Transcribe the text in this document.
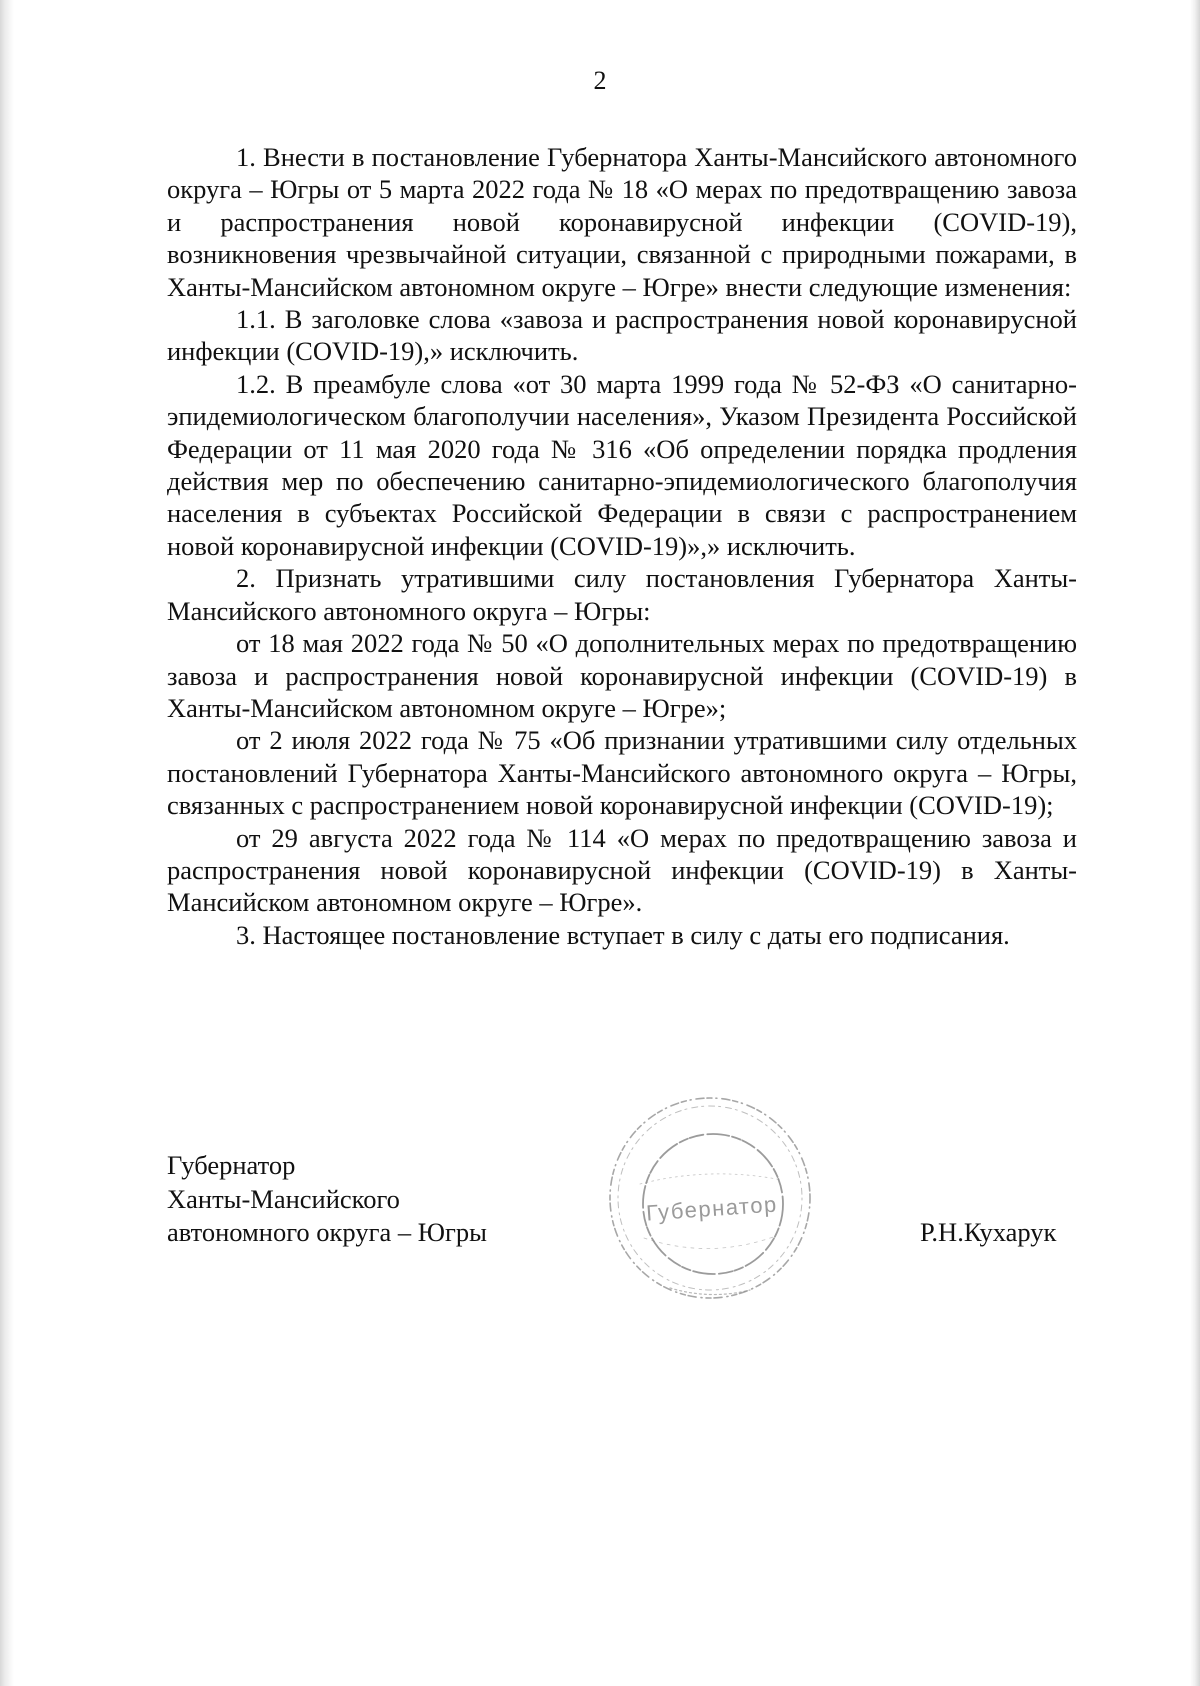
2

1. Внести в постановление Губернатора Ханты-Мансийского автономного округа – Югры от 5 марта 2022 года № 18 «О мерах по предотвращению завоза и распространения новой коронавирусной инфекции (COVID-19), возникновения чрезвычайной ситуации, связанной с природными пожарами, в Ханты-Мансийском автономном округе – Югре» внести следующие изменения:

1.1. В заголовке слова «завоза и распространения новой коронавирусной инфекции (COVID-19),» исключить.

1.2. В преамбуле слова «от 30 марта 1999 года № 52-ФЗ «О санитарно-эпидемиологическом благополучии населения», Указом Президента Российской Федерации от 11 мая 2020 года № 316 «Об определении порядка продления действия мер по обеспечению санитарно-эпидемиологического благополучия населения в субъектах Российской Федерации в связи с распространением новой коронавирусной инфекции (COVID-19)»,» исключить.

2. Признать утратившими силу постановления Губернатора Ханты-Мансийского автономного округа – Югры:

от 18 мая 2022 года № 50 «О дополнительных мерах по предотвращению завоза и распространения новой коронавирусной инфекции (COVID-19) в Ханты-Мансийском автономном округе – Югре»;

от 2 июля 2022 года № 75 «Об признании утратившими силу отдельных постановлений Губернатора Ханты-Мансийского автономного округа – Югры, связанных с распространением новой коронавирусной инфекции (COVID-19);

от 29 августа 2022 года № 114 «О мерах по предотвращению завоза и распространения новой коронавирусной инфекции (COVID-19) в Ханты-Мансийском автономном округе – Югре».

3. Настоящее постановление вступает в силу с даты его подписания.

Губернатор
Ханты-Мансийского
автономного округа – Югры
Губернатор
Р.Н.Кухарук
